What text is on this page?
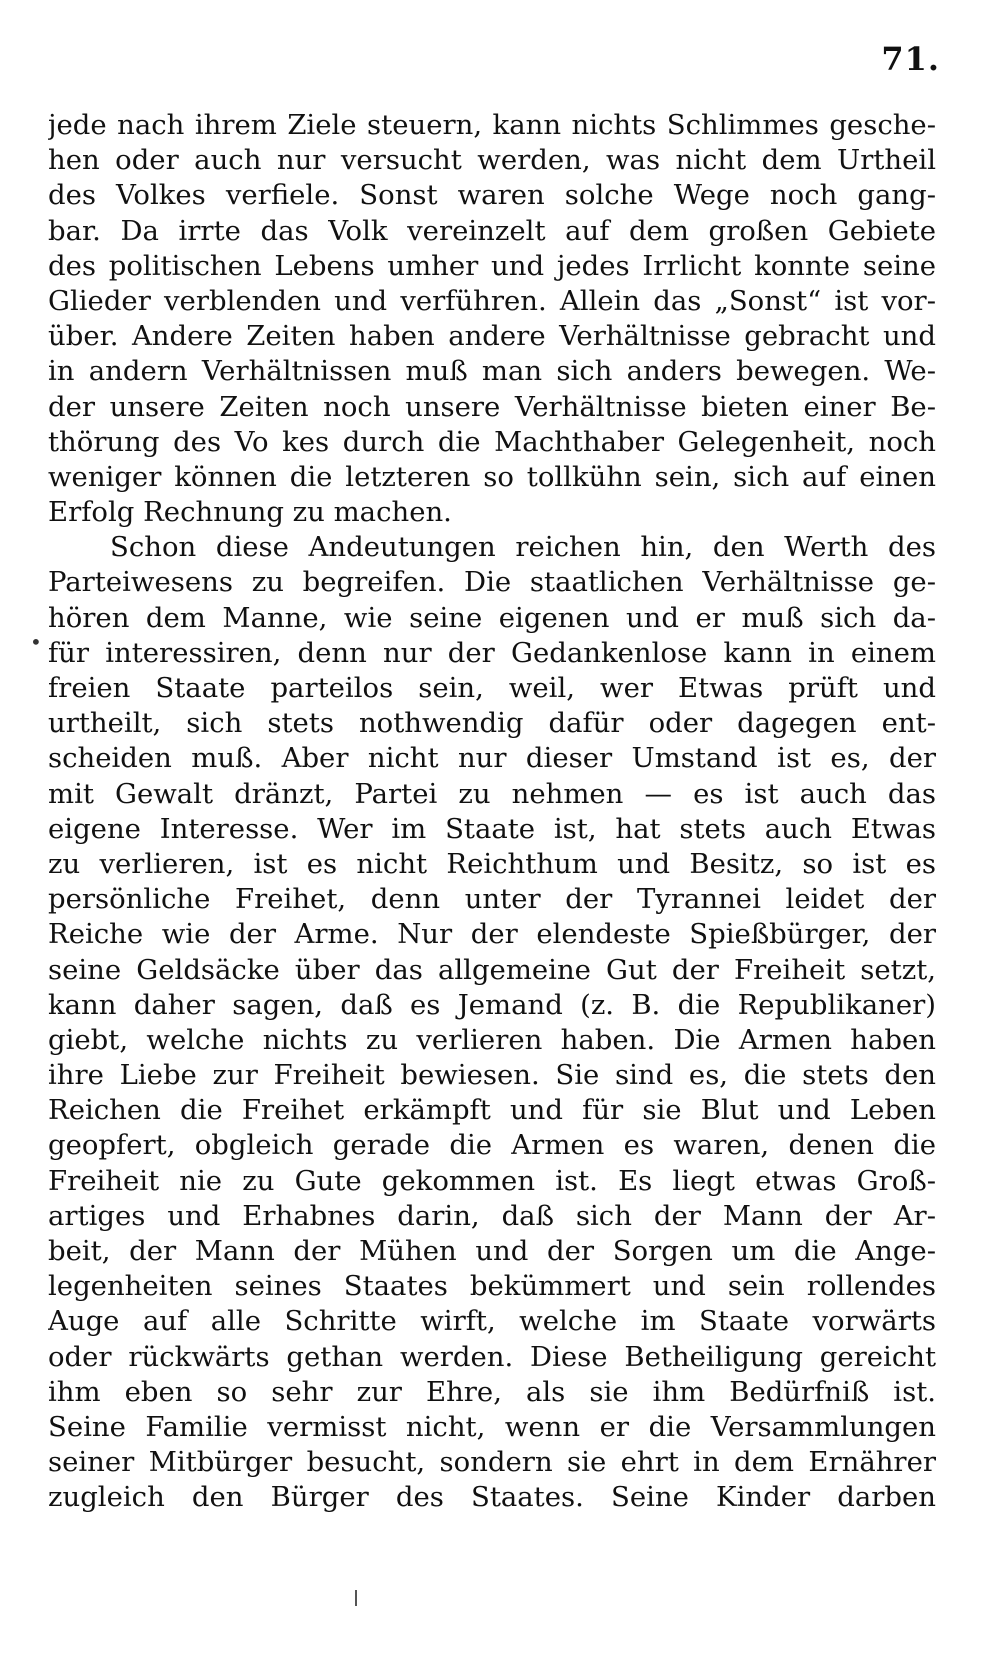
71.
•
jede nach ihrem Ziele steuern, kann nichts Schlimmes gesche-
hen oder auch nur versucht werden, was nicht dem Urtheil
des Volkes verfiele. Sonst waren solche Wege noch gang-
bar. Da irrte das Volk vereinzelt auf dem großen Gebiete
des politischen Lebens umher und jedes Irrlicht konnte seine
Glieder verblenden und verführen. Allein das „Sonst“ ist vor-
über. Andere Zeiten haben andere Verhältnisse gebracht und
in andern Verhältnissen muß man sich anders bewegen. We-
der unsere Zeiten noch unsere Verhältnisse bieten einer Be-
thörung des Vo kes durch die Machthaber Gelegenheit, noch
weniger können die letzteren so tollkühn sein, sich auf einen
Erfolg Rechnung zu machen.
Schon diese Andeutungen reichen hin, den Werth des
Parteiwesens zu begreifen. Die staatlichen Verhältnisse ge-
hören dem Manne, wie seine eigenen und er muß sich da-
für interessiren, denn nur der Gedankenlose kann in einem
freien Staate parteilos sein, weil, wer Etwas prüft und
urtheilt, sich stets nothwendig dafür oder dagegen ent-
scheiden muß. Aber nicht nur dieser Umstand ist es, der
mit Gewalt dränzt, Partei zu nehmen — es ist auch das
eigene Interesse. Wer im Staate ist, hat stets auch Etwas
zu verlieren, ist es nicht Reichthum und Besitz, so ist es
persönliche Freihet, denn unter der Tyrannei leidet der
Reiche wie der Arme. Nur der elendeste Spießbürger, der
seine Geldsäcke über das allgemeine Gut der Freiheit setzt,
kann daher sagen, daß es Jemand (z. B. die Republikaner)
giebt, welche nichts zu verlieren haben. Die Armen haben
ihre Liebe zur Freiheit bewiesen. Sie sind es, die stets den
Reichen die Freihet erkämpft und für sie Blut und Leben
geopfert, obgleich gerade die Armen es waren, denen die
Freiheit nie zu Gute gekommen ist. Es liegt etwas Groß-
artiges und Erhabnes darin, daß sich der Mann der Ar-
beit, der Mann der Mühen und der Sorgen um die Ange-
legenheiten seines Staates bekümmert und sein rollendes
Auge auf alle Schritte wirft, welche im Staate vorwärts
oder rückwärts gethan werden. Diese Betheiligung gereicht
ihm eben so sehr zur Ehre, als sie ihm Bedürfniß ist.
Seine Familie vermisst nicht, wenn er die Versammlungen
seiner Mitbürger besucht, sondern sie ehrt in dem Ernährer
zugleich den Bürger des Staates. Seine Kinder darben
